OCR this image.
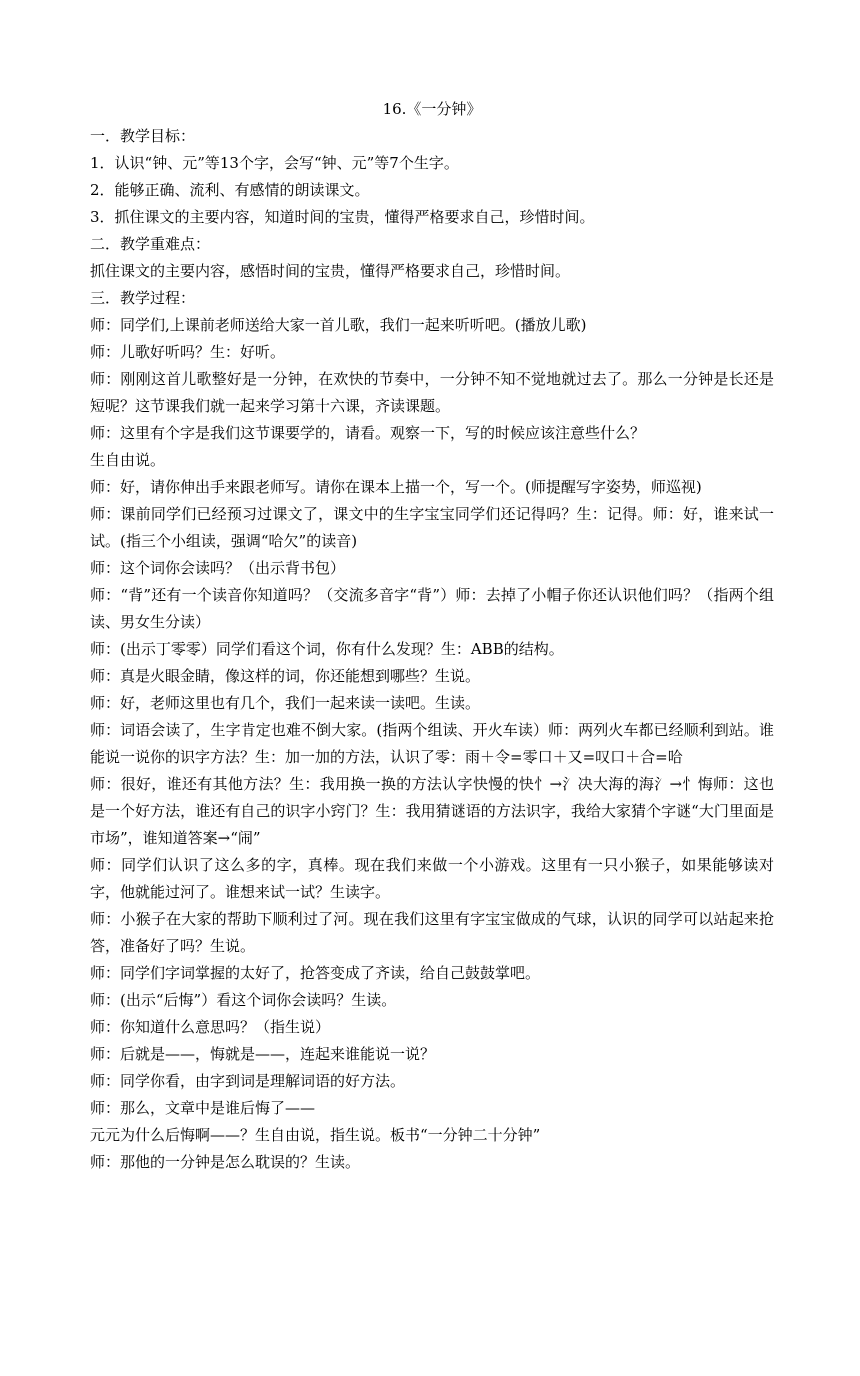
16.《一分钟》

一．教学目标：

1．认识“钟、元”等13个字，会写“钟、元”等7个生字。

2．能够正确、流利、有感情的朗读课文。

3．抓住课文的主要内容，知道时间的宝贵，懂得严格要求自己，珍惜时间。

二．教学重难点：

抓住课文的主要内容，感悟时间的宝贵，懂得严格要求自己，珍惜时间。

三．教学过程：

师：同学们,上课前老师送给大家一首儿歌，我们一起来听听吧。(播放儿歌)

师：儿歌好听吗？生：好听。

师：刚刚这首儿歌整好是一分钟，在欢快的节奏中，一分钟不知不觉地就过去了。那么一分钟是长还是短呢？这节课我们就一起来学习第十六课，齐读课题。

师：这里有个字是我们这节课要学的，请看。观察一下，写的时候应该注意些什么？

生自由说。

师：好，请你伸出手来跟老师写。请你在课本上描一个，写一个。(师提醒写字姿势，师巡视)

师：课前同学们已经预习过课文了，课文中的生字宝宝同学们还记得吗？生：记得。师：好，谁来试一试。(指三个小组读，强调“哈欠”的读音)

师：这个词你会读吗？（出示背书包）

师：“背”还有一个读音你知道吗？（交流多音字“背”）师：去掉了小帽子你还认识他们吗？（指两个组读、男女生分读）

师：(出示丁零零）同学们看这个词，你有什么发现？生：ABB的结构。

师：真是火眼金睛，像这样的词，你还能想到哪些？生说。

师：好，老师这里也有几个，我们一起来读一读吧。生读。

师：词语会读了，生字肯定也难不倒大家。(指两个组读、开火车读）师：两列火车都已经顺利到站。谁能说一说你的识字方法？生：加一加的方法，认识了零：雨＋令=零口＋又=叹口＋合=哈

师：很好，谁还有其他方法？生：我用换一换的方法认字快慢的快忄→氵决大海的海氵→忄悔师：这也是一个好方法，谁还有自己的识字小窍门？生：我用猜谜语的方法识字，我给大家猜个字谜“大门里面是市场”，谁知道答案→“闹”

师：同学们认识了这么多的字，真棒。现在我们来做一个小游戏。这里有一只小猴子，如果能够读对字，他就能过河了。谁想来试一试？生读字。

师：小猴子在大家的帮助下顺利过了河。现在我们这里有字宝宝做成的气球，认识的同学可以站起来抢答，准备好了吗？生说。

师：同学们字词掌握的太好了，抢答变成了齐读，给自己鼓鼓掌吧。

师：(出示“后悔”）看这个词你会读吗？生读。

师：你知道什么意思吗？（指生说）

师：后就是——，悔就是——，连起来谁能说一说？

师：同学你看，由字到词是理解词语的好方法。

师：那么，文章中是谁后悔了——

元元为什么后悔啊——？生自由说，指生说。板书“一分钟二十分钟”

师：那他的一分钟是怎么耽误的？生读。
